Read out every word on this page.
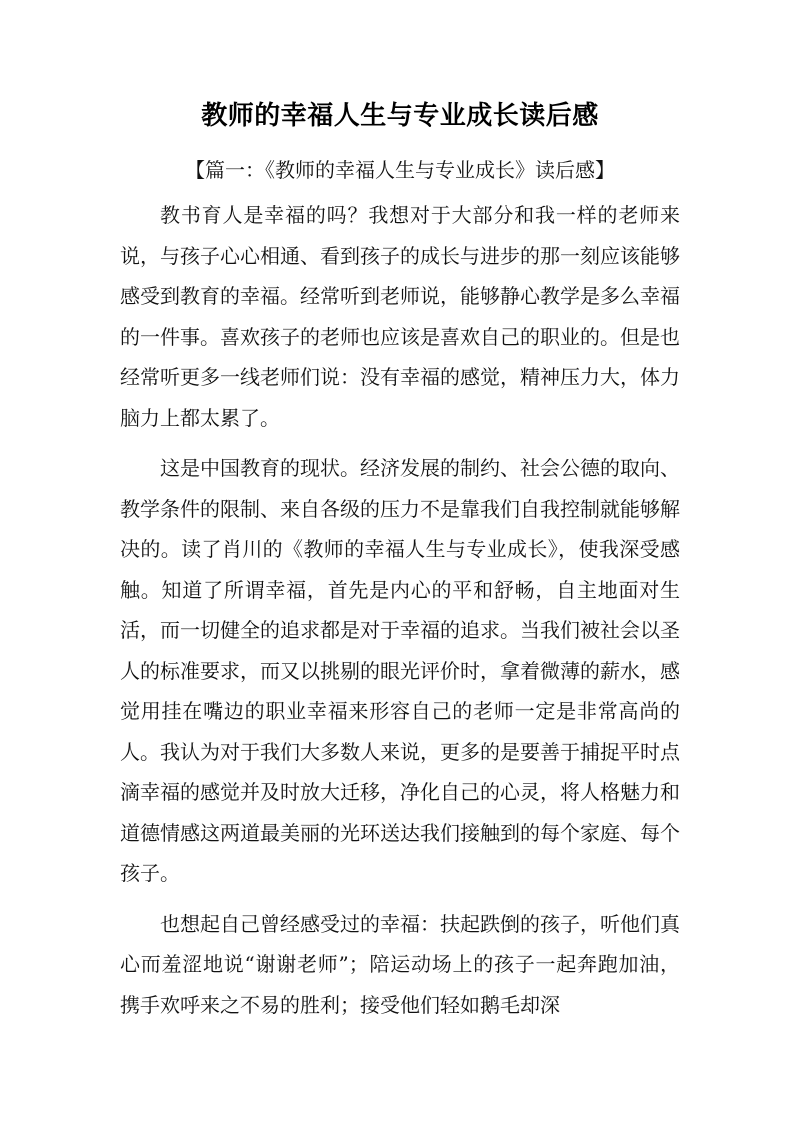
教师的幸福人生与专业成长读后感
【篇一：《教师的幸福人生与专业成长》读后感】

教书育人是幸福的吗？我想对于大部分和我一样的老师来说，与孩子心心相通、看到孩子的成长与进步的那一刻应该能够感受到教育的幸福。经常听到老师说，能够静心教学是多么幸福的一件事。喜欢孩子的老师也应该是喜欢自己的职业的。但是也经常听更多一线老师们说：没有幸福的感觉，精神压力大，体力脑力上都太累了。

这是中国教育的现状。经济发展的制约、社会公德的取向、教学条件的限制、来自各级的压力不是靠我们自我控制就能够解决的。读了肖川的《教师的幸福人生与专业成长》，使我深受感触。知道了所谓幸福，首先是内心的平和舒畅，自主地面对生活，而一切健全的追求都是对于幸福的追求。当我们被社会以圣人的标准要求，而又以挑剔的眼光评价时，拿着微薄的薪水，感觉用挂在嘴边的职业幸福来形容自己的老师一定是非常高尚的人。我认为对于我们大多数人来说，更多的是要善于捕捉平时点滴幸福的感觉并及时放大迁移，净化自己的心灵，将人格魅力和道德情感这两道最美丽的光环送达我们接触到的每个家庭、每个孩子。

也想起自己曾经感受过的幸福：扶起跌倒的孩子，听他们真心而羞涩地说“谢谢老师”；陪运动场上的孩子一起奔跑加油，携手欢呼来之不易的胜利；接受他们轻如鹅毛却深
